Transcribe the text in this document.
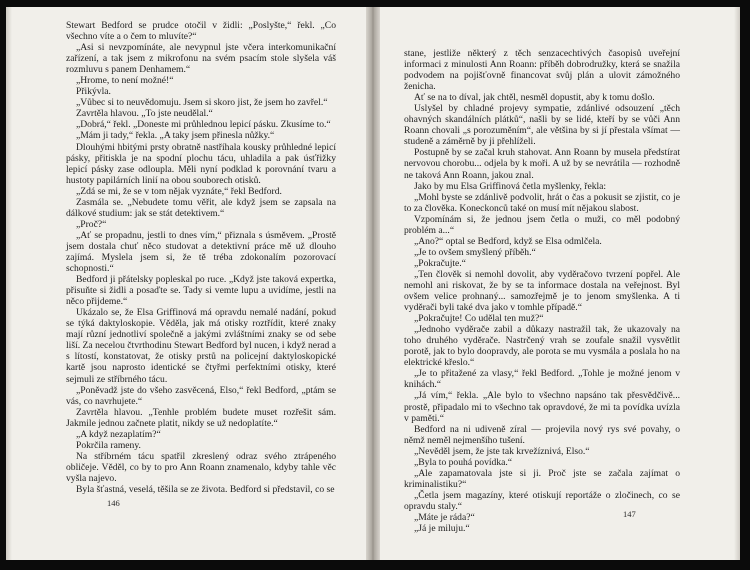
Stewart Bedford se prudce otočil v židli: „Poslyšte,“ řekl. „Co všechno víte a o čem to mluvíte?“

„Asi si nevzpomínáte, ale nevypnul jste včera interkomunikační zařízení, a tak jsem z mikrofonu na svém psacím stole slyšela váš rozmluvu s panem Denhamem.“

„Hrome, to není možné!“

Přikývla.

„Vůbec si to neuvědomuju. Jsem si skoro jist, že jsem ho zavřel.“

Zavrtěla hlavou. „To jste neudělal.“

„Dobrá,“ řekl. „Doneste mi průhlednou lepicí pásku. Zkusíme to.“

„Mám ji tady,“ řekla. „A taky jsem přinesla nůžky.“

Dlouhými hbitými prsty obratně nastříhala kousky průhledné lepicí pásky, přitiskla je na spodní plochu tácu, uhladila a pak úsťřižky lepicí pásky zase odloupla. Měli nyní podklad k porovnání tvaru a hustoty papilárních linií na obou souborech otisků.

„Zdá se mi, že se v tom nějak vyznáte,“ řekl Bedford.

Zasmála se. „Nebudete tomu věřit, ale když jsem se zapsala na dálkové studium: jak se stát detektivem.“

„Proč?“

„Ať se propadnu, jestli to dnes vím,“ přiznala s úsměvem. „Prostě jsem dostala chuť něco studovat a detektivní práce mě už dlouho zajímá. Myslela jsem si, že tě tréba zdokonalím pozorovací schopnosti.“

Bedford ji přátelsky popleskal po ruce. „Když jste taková expertka, přisuňte si židli a posaďte se. Tady si vemte lupu a uvidíme, jestli na něco přijdeme.“

Ukázalo se, že Elsa Griffinová má opravdu nemalé nadání, pokud se týká daktyloskopie. Věděla, jak má otisky roztřídit, které znaky mají různí jednotliví společně a jakými zvláštními znaky se od sebe liší. Za necelou čtvrthodinu Stewart Bedford byl nucen, i když nerad a s lítostí, konstatovat, že otisky prstů na policejní daktyloskopické kartě jsou naprosto identické se čtyřmi perfektními otisky, které sejmuli ze stříbrného tácu.

„Poněvadž jste do všeho zasvěcená, Elso,“ řekl Bedford, „ptám se vás, co navrhujete.“

Zavrtěla hlavou. „Tenhle problém budete muset rozřešit sám. Jakmile jednou začnete platit, nikdy se už nedoplatíte.“

„A když nezaplatím?“

Pokrčila rameny.

Na stříbrném tácu spatřil zkreslený odraz svého ztrápeného obličeje. Věděl, co by to pro Ann Roann znamenalo, kdyby tahle věc vyšla najevo.

Byla šťastná, veselá, těšila se ze života. Bedford si představil, co se

146

stane, jestliže některý z těch senzacechtivých časopisů uveřejní informaci z minulosti Ann Roann: příběh dobrodružky, která se snažila podvodem na pojišťovně financovat svůj plán a ulovit zámožného ženicha.

Ať se na to díval, jak chtěl, nesměl dopustit, aby k tomu došlo.

Uslyšel by chladné projevy sympatie, zdánlivé odsouzení „těch ohavných skandálních plátků“, našli by se lidé, kteří by se vůči Ann Roann chovali „s porozuměním“, ale většina by si jí přestala všímat — studeně a záměrně by ji přehlíželi.

Postupně by se začal kruh stahovat. Ann Roann by musela předstírat nervovou chorobu... odjela by k moři. A už by se nevrátila — rozhodně ne taková Ann Roann, jakou znal.

Jako by mu Elsa Griffinová četla myšlenky, řekla:

„Mohl byste se zdánlivě podvolit, hrát o čas a pokusit se zjistit, co je to za člověka. Koneckonců také on musí mít nějakou slabost.

Vzpomínám si, že jednou jsem četla o muži, co měl podobný problém a...“

„Ano?“ optal se Bedford, když se Elsa odmlčela.

„Je to ovšem smyšlený příběh.“

„Pokračujte.“

„Ten člověk si nemohl dovolit, aby vyděračovo tvrzení popřel. Ale nemohl ani riskovat, že by se ta informace dostala na veřejnost. Byl ovšem velice prohnaný... samozřejmě je to jenom smyšlenka. A ti vyděrači byli také dva jako v tomhle případě.“

„Pokračujte! Co udělal ten muž?“

„Jednoho vyděrače zabil a důkazy nastražil tak, že ukazovaly na toho druhého vyděrače. Nastrčený vrah se zoufale snažil vysvětlit porotě, jak to bylo doopravdy, ale porota se mu vysmála a poslala ho na elektrické křeslo.“

„Je to přitažené za vlasy,“ řekl Bedford. „Tohle je možné jenom v knihách.“

„Já vím,“ řekla. „Ale bylo to všechno napsáno tak přesvědčivě... prostě, připadalo mi to všechno tak opravdové, že mi ta povídka uvízla v paměti.“

Bedford na ni udiveně zíral — projevila nový rys své povahy, o němž neměl nejmenšího tušení.

„Nevěděl jsem, že jste tak krvežíznivá, Elso.“

„Byla to pouhá povídka.“

„Ale zapamatovala jste si ji. Proč jste se začala zajímat o kriminalistiku?“

„Četla jsem magazíny, které otiskují reportáže o zločinech, co se opravdu staly.“

„Máte je ráda?“

„Já je miluju.“

147
